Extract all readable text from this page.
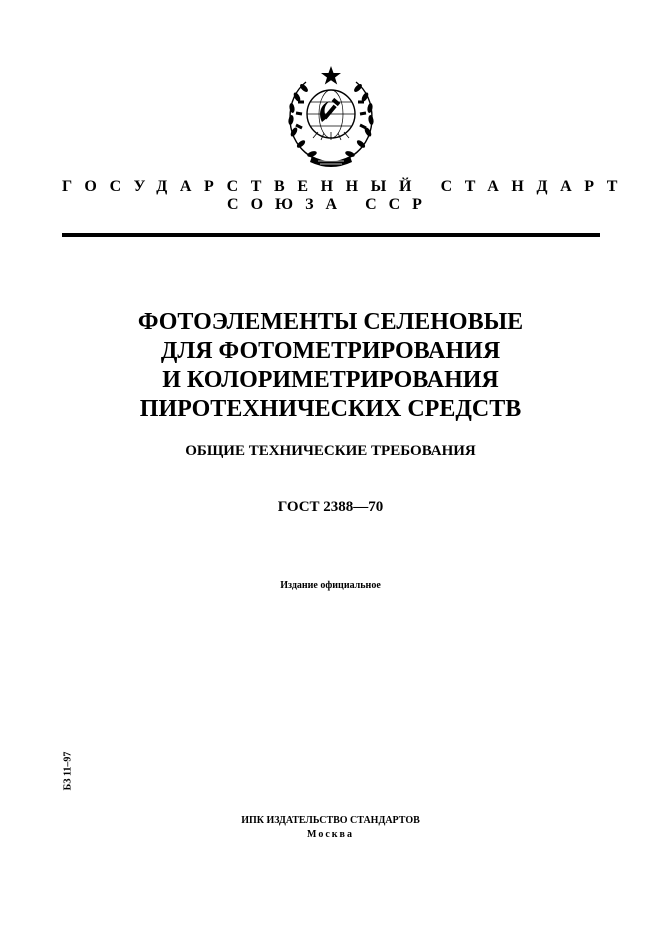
ГОСУДАРСТВЕННЫЙ СТАНДАРТ
СОЮЗА ССР
ФОТОЭЛЕМЕНТЫ СЕЛЕНОВЫЕ
ДЛЯ ФОТОМЕТРИРОВАНИЯ
И КОЛОРИМЕТРИРОВАНИЯ
ПИРОТЕХНИЧЕСКИХ СРЕДСТВ
ОБЩИЕ ТЕХНИЧЕСКИЕ ТРЕБОВАНИЯ
ГОСТ 2388—70
Издание официальное
БЗ 11–97
ИПК ИЗДАТЕЛЬСТВО СТАНДАРТОВ
Москва
